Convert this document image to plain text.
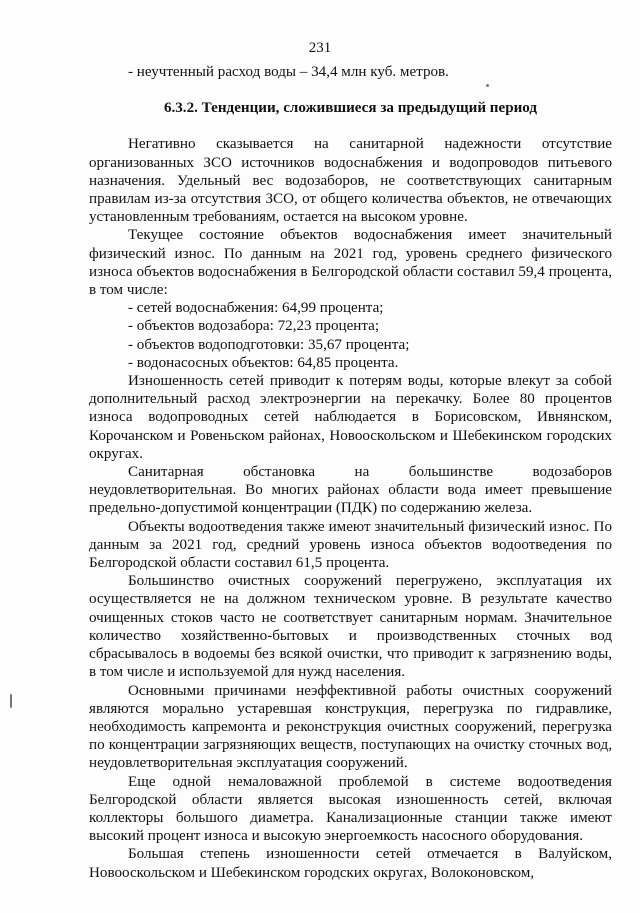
231

- неучтенный расход воды – 34,4 млн куб. метров.

6.3.2. Тенденции, сложившиеся за предыдущий период

Негативно сказывается на санитарной надежности отсутствие организованных ЗСО источников водоснабжения и водопроводов питьевого назначения. Удельный вес водозаборов, не соответствующих санитарным правилам из-за отсутствия ЗСО, от общего количества объектов, не отвечающих установленным требованиям, остается на высоком уровне.

Текущее состояние объектов водоснабжения имеет значительный физический износ. По данным на 2021 год, уровень среднего физического износа объектов водоснабжения в Белгородской области составил 59,4 процента, в том числе:

- сетей водоснабжения: 64,99 процента;

- объектов водозабора: 72,23 процента;

- объектов водоподготовки: 35,67 процента;

- водонасосных объектов: 64,85 процента.

Изношенность сетей приводит к потерям воды, которые влекут за собой дополнительный расход электроэнергии на перекачку. Более 80 процентов износа водопроводных сетей наблюдается в Борисовском, Ивнянском, Корочанском и Ровеньском районах, Новооскольском и Шебекинском городских округах.

Санитарная обстановка на большинстве водозаборов неудовлетворительная. Во многих районах области вода имеет превышение предельно-допустимой концентрации (ПДК) по содержанию железа.

Объекты водоотведения также имеют значительный физический износ. По данным за 2021 год, средний уровень износа объектов водоотведения по Белгородской области составил 61,5 процента.

Большинство очистных сооружений перегружено, эксплуатация их осуществляется не на должном техническом уровне. В результате качество очищенных стоков часто не соответствует санитарным нормам. Значительное количество хозяйственно-бытовых и производственных сточных вод сбрасывалось в водоемы без всякой очистки, что приводит к загрязнению воды, в том числе и используемой для нужд населения.

Основными причинами неэффективной работы очистных сооружений являются морально устаревшая конструкция, перегрузка по гидравлике, необходимость капремонта и реконструкция очистных сооружений, перегрузка по концентрации загрязняющих веществ, поступающих на очистку сточных вод, неудовлетворительная эксплуатация сооружений.

Еще одной немаловажной проблемой в системе водоотведения Белгородской области является высокая изношенность сетей, включая коллекторы большого диаметра. Канализационные станции также имеют высокий процент износа и высокую энергоемкость насосного оборудования.

Большая степень изношенности сетей отмечается в Валуйском, Новооскольском и Шебекинском городских округах, Волоконовском,
